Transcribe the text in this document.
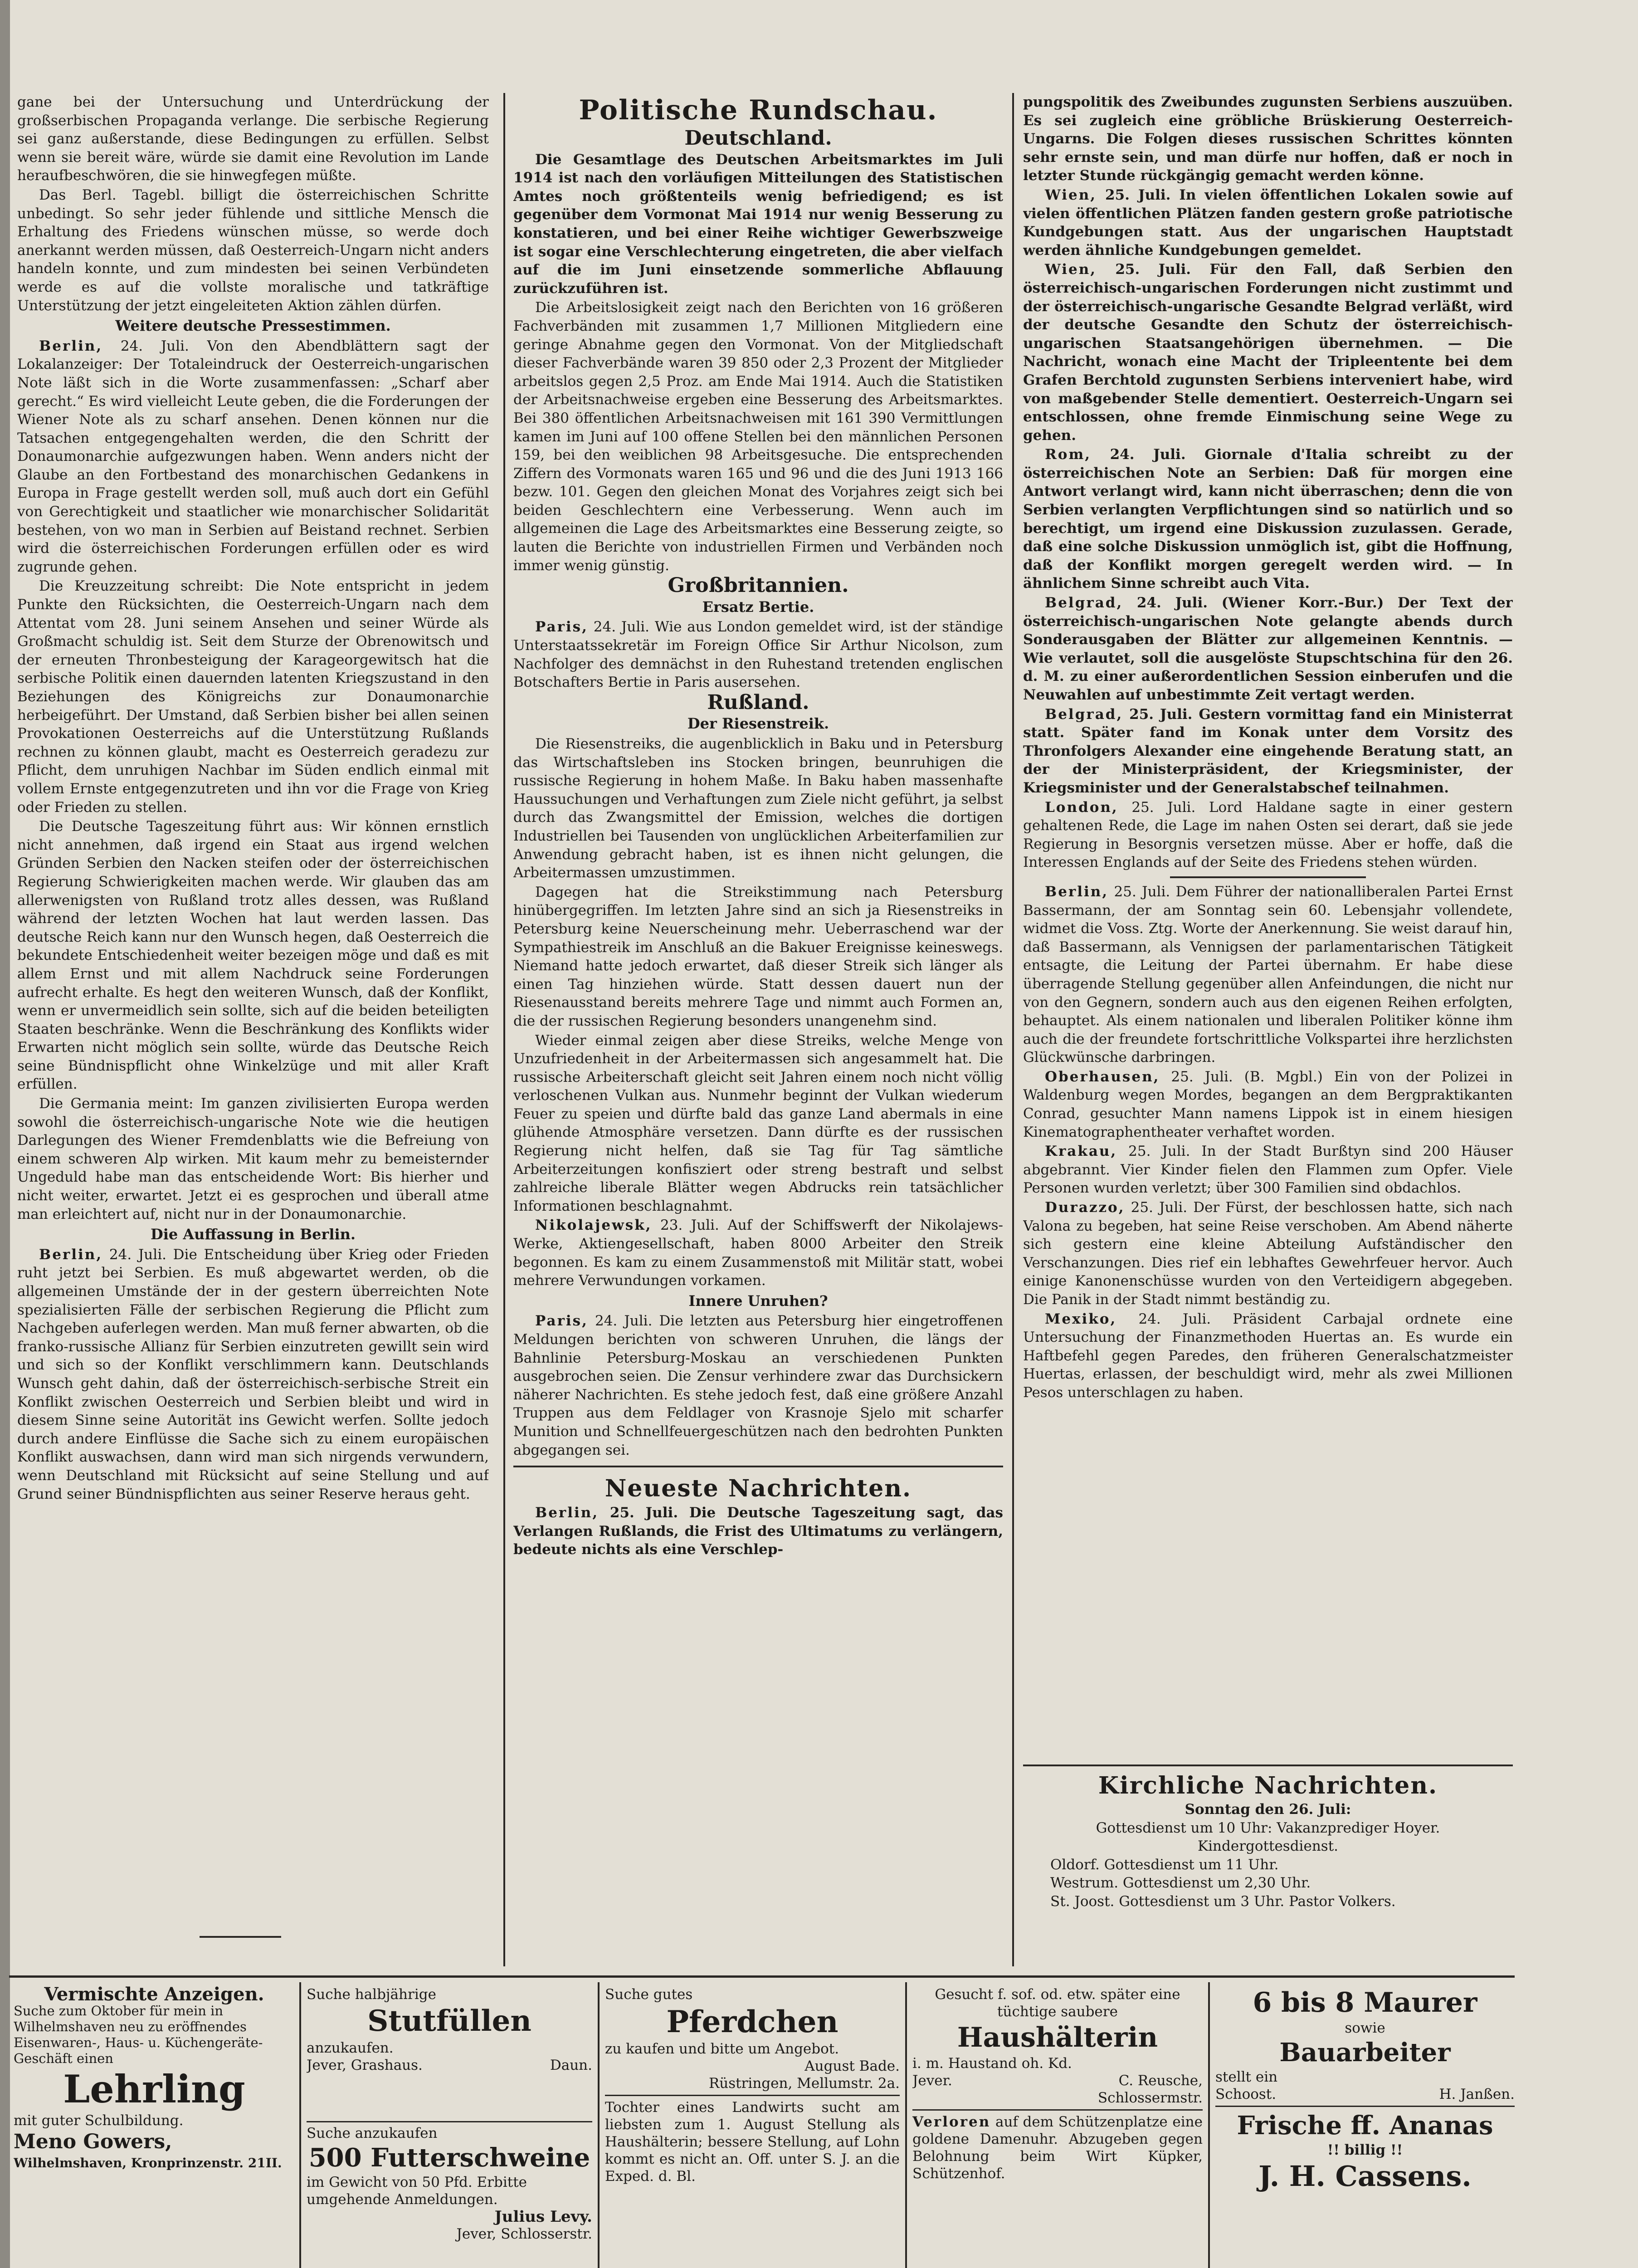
gane bei der Untersuchung und Unterdrückung der großserbischen Propaganda verlange. Die serbische Regierung sei ganz außerstande, diese Bedingungen zu erfüllen. Selbst wenn sie bereit wäre, würde sie damit eine Revolution im Lande heraufbeschwören, die sie hinwegfegen müßte.

Das Berl. Tagebl. billigt die österreichischen Schritte unbedingt. So sehr jeder fühlende und sittliche Mensch die Erhaltung des Friedens wünschen müsse, so werde doch anerkannt werden müssen, daß Oesterreich-Ungarn nicht anders handeln konnte, und zum mindesten bei seinen Verbündeten werde es auf die vollste moralische und tatkräftige Unterstützung der jetzt eingeleiteten Aktion zählen dürfen.

Weitere deutsche Pressestimmen.

Berlin, 24. Juli. Von den Abendblättern sagt der Lokalanzeiger: Der Totaleindruck der Oesterreich-ungarischen Note läßt sich in die Worte zusammenfassen: „Scharf aber gerecht.“ Es wird vielleicht Leute geben, die die Forderungen der Wiener Note als zu scharf ansehen. Denen können nur die Tatsachen entgegengehalten werden, die den Schritt der Donaumonarchie aufgezwungen haben. Wenn anders nicht der Glaube an den Fortbestand des monarchischen Gedankens in Europa in Frage gestellt werden soll, muß auch dort ein Gefühl von Gerechtigkeit und staatlicher wie monarchischer Solidarität bestehen, von wo man in Serbien auf Beistand rechnet. Serbien wird die österreichischen Forderungen erfüllen oder es wird zugrunde gehen.

Die Kreuzzeitung schreibt: Die Note entspricht in jedem Punkte den Rücksichten, die Oesterreich-Ungarn nach dem Attentat vom 28. Juni seinem Ansehen und seiner Würde als Großmacht schuldig ist. Seit dem Sturze der Obrenowitsch und der erneuten Thronbesteigung der Karageorgewitsch hat die serbische Politik einen dauernden latenten Kriegszustand in den Beziehungen des Königreichs zur Donaumonarchie herbeigeführt. Der Umstand, daß Serbien bisher bei allen seinen Provokationen Oesterreichs auf die Unterstützung Rußlands rechnen zu können glaubt, macht es Oesterreich geradezu zur Pflicht, dem unruhigen Nachbar im Süden endlich einmal mit vollem Ernste entgegenzutreten und ihn vor die Frage von Krieg oder Frieden zu stellen.

Die Deutsche Tageszeitung führt aus: Wir können ernstlich nicht annehmen, daß irgend ein Staat aus irgend welchen Gründen Serbien den Nacken steifen oder der österreichischen Regierung Schwierigkeiten machen werde. Wir glauben das am allerwenigsten von Rußland trotz alles dessen, was Rußland während der letzten Wochen hat laut werden lassen. Das deutsche Reich kann nur den Wunsch hegen, daß Oesterreich die bekundete Entschiedenheit weiter bezeigen möge und daß es mit allem Ernst und mit allem Nachdruck seine Forderungen aufrecht erhalte. Es hegt den weiteren Wunsch, daß der Konflikt, wenn er unvermeidlich sein sollte, sich auf die beiden beteiligten Staaten beschränke. Wenn die Beschränkung des Konflikts wider Erwarten nicht möglich sein sollte, würde das Deutsche Reich seine Bündnispflicht ohne Winkelzüge und mit aller Kraft erfüllen.

Die Germania meint: Im ganzen zivilisierten Europa werden sowohl die österreichisch-ungarische Note wie die heutigen Darlegungen des Wiener Fremdenblatts wie die Befreiung von einem schweren Alp wirken. Mit kaum mehr zu bemeisternder Ungeduld habe man das entscheidende Wort: Bis hierher und nicht weiter, erwartet. Jetzt ei es gesprochen und überall atme man erleichtert auf, nicht nur in der Donaumonarchie.

Die Auffassung in Berlin.

Berlin, 24. Juli. Die Entscheidung über Krieg oder Frieden ruht jetzt bei Serbien. Es muß abgewartet werden, ob die allgemeinen Umstände der in der gestern überreichten Note spezialisierten Fälle der serbischen Regierung die Pflicht zum Nachgeben auferlegen werden. Man muß ferner abwarten, ob die franko-russische Allianz für Serbien einzutreten gewillt sein wird und sich so der Konflikt verschlimmern kann. Deutschlands Wunsch geht dahin, daß der österreichisch-serbische Streit ein Konflikt zwischen Oesterreich und Serbien bleibt und wird in diesem Sinne seine Autorität ins Gewicht werfen. Sollte jedoch durch andere Einflüsse die Sache sich zu einem europäischen Konflikt auswachsen, dann wird man sich nirgends verwundern, wenn Deutschland mit Rücksicht auf seine Stellung und auf Grund seiner Bündnispflichten aus seiner Reserve heraus geht.

Politische Rundschau.
Deutschland.

Die Gesamtlage des Deutschen Arbeitsmarktes im Juli 1914 ist nach den vorläufigen Mitteilungen des Statistischen Amtes noch größtenteils wenig befriedigend; es ist gegenüber dem Vormonat Mai 1914 nur wenig Besserung zu konstatieren, und bei einer Reihe wichtiger Gewerbszweige ist sogar eine Verschlechterung eingetreten, die aber vielfach auf die im Juni einsetzende sommerliche Abflauung zurückzuführen ist.

Die Arbeitslosigkeit zeigt nach den Berichten von 16 größeren Fachverbänden mit zusammen 1,7 Millionen Mitgliedern eine geringe Abnahme gegen den Vormonat. Von der Mitgliedschaft dieser Fachverbände waren 39 850 oder 2,3 Prozent der Mitglieder arbeitslos gegen 2,5 Proz. am Ende Mai 1914. Auch die Statistiken der Arbeitsnachweise ergeben eine Besserung des Arbeitsmarktes. Bei 380 öffentlichen Arbeitsnachweisen mit 161 390 Vermittlungen kamen im Juni auf 100 offene Stellen bei den männlichen Personen 159, bei den weiblichen 98 Arbeitsgesuche. Die entsprechenden Ziffern des Vormonats waren 165 und 96 und die des Juni 1913 166 bezw. 101. Gegen den gleichen Monat des Vorjahres zeigt sich bei beiden Geschlechtern eine Verbesserung. Wenn auch im allgemeinen die Lage des Arbeitsmarktes eine Besserung zeigte, so lauten die Berichte von industriellen Firmen und Verbänden noch immer wenig günstig.

Großbritannien.
Ersatz Bertie.

Paris, 24. Juli. Wie aus London gemeldet wird, ist der ständige Unterstaatssekretär im Foreign Office Sir Arthur Nicolson, zum Nachfolger des demnächst in den Ruhestand tretenden englischen Botschafters Bertie in Paris ausersehen.

Rußland.
Der Riesenstreik.

Die Riesenstreiks, die augenblicklich in Baku und in Petersburg das Wirtschaftsleben ins Stocken bringen, beunruhigen die russische Regierung in hohem Maße. In Baku haben massenhafte Haussuchungen und Verhaftungen zum Ziele nicht geführt, ja selbst durch das Zwangsmittel der Emission, welches die dortigen Industriellen bei Tausenden von unglücklichen Arbeiterfamilien zur Anwendung gebracht haben, ist es ihnen nicht gelungen, die Arbeitermassen umzustimmen.

Dagegen hat die Streikstimmung nach Petersburg hinübergegriffen. Im letzten Jahre sind an sich ja Riesenstreiks in Petersburg keine Neuerscheinung mehr. Ueberraschend war der Sympathiestreik im Anschluß an die Bakuer Ereignisse keineswegs. Niemand hatte jedoch erwartet, daß dieser Streik sich länger als einen Tag hinziehen würde. Statt dessen dauert nun der Riesenausstand bereits mehrere Tage und nimmt auch Formen an, die der russischen Regierung besonders unangenehm sind.

Wieder einmal zeigen aber diese Streiks, welche Menge von Unzufriedenheit in der Arbeitermassen sich angesammelt hat. Die russische Arbeiterschaft gleicht seit Jahren einem noch nicht völlig verloschenen Vulkan aus. Nunmehr beginnt der Vulkan wiederum Feuer zu speien und dürfte bald das ganze Land abermals in eine glühende Atmosphäre versetzen. Dann dürfte es der russischen Regierung nicht helfen, daß sie Tag für Tag sämtliche Arbeiterzeitungen konfisziert oder streng bestraft und selbst zahlreiche liberale Blätter wegen Abdrucks rein tatsächlicher Informationen beschlagnahmt.

Nikolajewsk, 23. Juli. Auf der Schiffswerft der Nikolajews-Werke, Aktiengesellschaft, haben 8000 Arbeiter den Streik begonnen. Es kam zu einem Zusammenstoß mit Militär statt, wobei mehrere Verwundungen vorkamen.

Innere Unruhen?

Paris, 24. Juli. Die letzten aus Petersburg hier eingetroffenen Meldungen berichten von schweren Unruhen, die längs der Bahnlinie Petersburg-Moskau an verschiedenen Punkten ausgebrochen seien. Die Zensur verhindere zwar das Durchsickern näherer Nachrichten. Es stehe jedoch fest, daß eine größere Anzahl Truppen aus dem Feldlager von Krasnoje Sjelo mit scharfer Munition und Schnellfeuergeschützen nach den bedrohten Punkten abgegangen sei.

Neueste Nachrichten.

Berlin, 25. Juli. Die Deutsche Tageszeitung sagt, das Verlangen Rußlands, die Frist des Ultimatums zu verlängern, bedeute nichts als eine Verschlep-

pungspolitik des Zweibundes zugunsten Serbiens auszuüben. Es sei zugleich eine gröbliche Brüskierung Oesterreich-Ungarns. Die Folgen dieses russischen Schrittes könnten sehr ernste sein, und man dürfe nur hoffen, daß er noch in letzter Stunde rückgängig gemacht werden könne.

Wien, 25. Juli. In vielen öffentlichen Lokalen sowie auf vielen öffentlichen Plätzen fanden gestern große patriotische Kundgebungen statt. Aus der ungarischen Hauptstadt werden ähnliche Kundgebungen gemeldet.

Wien, 25. Juli. Für den Fall, daß Serbien den österreichisch-ungarischen Forderungen nicht zustimmt und der österreichisch-ungarische Gesandte Belgrad verläßt, wird der deutsche Gesandte den Schutz der österreichisch-ungarischen Staatsangehörigen übernehmen. — Die Nachricht, wonach eine Macht der Tripleentente bei dem Grafen Berchtold zugunsten Serbiens interveniert habe, wird von maßgebender Stelle dementiert. Oesterreich-Ungarn sei entschlossen, ohne fremde Einmischung seine Wege zu gehen.

Rom, 24. Juli. Giornale d'Italia schreibt zu der österreichischen Note an Serbien: Daß für morgen eine Antwort verlangt wird, kann nicht überraschen; denn die von Serbien verlangten Verpflichtungen sind so natürlich und so berechtigt, um irgend eine Diskussion zuzulassen. Gerade, daß eine solche Diskussion unmöglich ist, gibt die Hoffnung, daß der Konflikt morgen geregelt werden wird. — In ähnlichem Sinne schreibt auch Vita.

Belgrad, 24. Juli. (Wiener Korr.-Bur.) Der Text der österreichisch-ungarischen Note gelangte abends durch Sonderausgaben der Blätter zur allgemeinen Kenntnis. — Wie verlautet, soll die ausgelöste Stupschtschina für den 26. d. M. zu einer außerordentlichen Session einberufen und die Neuwahlen auf unbestimmte Zeit vertagt werden.

Belgrad, 25. Juli. Gestern vormittag fand ein Ministerrat statt. Später fand im Konak unter dem Vorsitz des Thronfolgers Alexander eine eingehende Beratung statt, an der der Ministerpräsident, der Kriegsminister, der Kriegsminister und der Generalstabschef teilnahmen.

London, 25. Juli. Lord Haldane sagte in einer gestern gehaltenen Rede, die Lage im nahen Osten sei derart, daß sie jede Regierung in Besorgnis versetzen müsse. Aber er hoffe, daß die Interessen Englands auf der Seite des Friedens stehen würden.

Berlin, 25. Juli. Dem Führer der nationalliberalen Partei Ernst Bassermann, der am Sonntag sein 60. Lebensjahr vollendete, widmet die Voss. Ztg. Worte der Anerkennung. Sie weist darauf hin, daß Bassermann, als Vennigsen der parlamentarischen Tätigkeit entsagte, die Leitung der Partei übernahm. Er habe diese überragende Stellung gegenüber allen Anfeindungen, die nicht nur von den Gegnern, sondern auch aus den eigenen Reihen erfolgten, behauptet. Als einem nationalen und liberalen Politiker könne ihm auch die der freundete fortschrittliche Volkspartei ihre herzlichsten Glückwünsche darbringen.

Oberhausen, 25. Juli. (B. Mgbl.) Ein von der Polizei in Waldenburg wegen Mordes, begangen an dem Bergpraktikanten Conrad, gesuchter Mann namens Lippok ist in einem hiesigen Kinematographentheater verhaftet worden.

Krakau, 25. Juli. In der Stadt Burßtyn sind 200 Häuser abgebrannt. Vier Kinder fielen den Flammen zum Opfer. Viele Personen wurden verletzt; über 300 Familien sind obdachlos.

Durazzo, 25. Juli. Der Fürst, der beschlossen hatte, sich nach Valona zu begeben, hat seine Reise verschoben. Am Abend näherte sich gestern eine kleine Abteilung Aufständischer den Verschanzungen. Dies rief ein lebhaftes Gewehrfeuer hervor. Auch einige Kanonenschüsse wurden von den Verteidigern abgegeben. Die Panik in der Stadt nimmt beständig zu.

Mexiko, 24. Juli. Präsident Carbajal ordnete eine Untersuchung der Finanzmethoden Huertas an. Es wurde ein Haftbefehl gegen Paredes, den früheren Generalschatzmeister Huertas, erlassen, der beschuldigt wird, mehr als zwei Millionen Pesos unterschlagen zu haben.

Kirchliche Nachrichten.
Sonntag den 26. Juli:
Gottesdienst um 10 Uhr: Vakanzprediger Hoyer.
Kindergottesdienst.
Oldorf. Gottesdienst um 11 Uhr.
Westrum. Gottesdienst um 2,30 Uhr.
St. Joost. Gottesdienst um 3 Uhr. Pastor Volkers.
Vermischte Anzeigen.
Suche zum Oktober für mein in Wilhelmshaven neu zu eröffnendes Eisenwaren-, Haus- u. Küchengeräte-Geschäft einen
Lehrling
mit guter Schulbildung.
Meno Gowers,
Wilhelmshaven, Kronprinzenstr. 21II.
Suche halbjährige
Stutfüllen
anzukaufen.
Jever, Grashaus.	Daun.
Suche anzukaufen
500 Futterschweine
im Gewicht von 50 Pfd. Erbitte umgehende Anmeldungen.
Julius Levy.
Jever, Schlosserstr.
Suche gutes
Pferdchen
zu kaufen und bitte um Angebot.
August Bade.
Rüstringen, Mellumstr. 2a.
Tochter eines Landwirts sucht am liebsten zum 1. August Stellung als Haushälterin; bessere Stellung, auf Lohn kommt es nicht an. Off. unter S. J. an die Exped. d. Bl.
Gesucht f. sof. od. etw. später eine tüchtige saubere
Haushälterin
i. m. Haustand oh. Kd.
Jever.	C. Reusche,
Schlossermstr.
Verloren auf dem Schützenplatze eine goldene Damenuhr. Abzugeben gegen Belohnung beim Wirt Küpker, Schützenhof.
6 bis 8 Maurer
sowie
Bauarbeiter
stellt ein
Schoost.	H. Janßen.
Frische ff. Ananas
!! billig !!
J. H. Cassens.
